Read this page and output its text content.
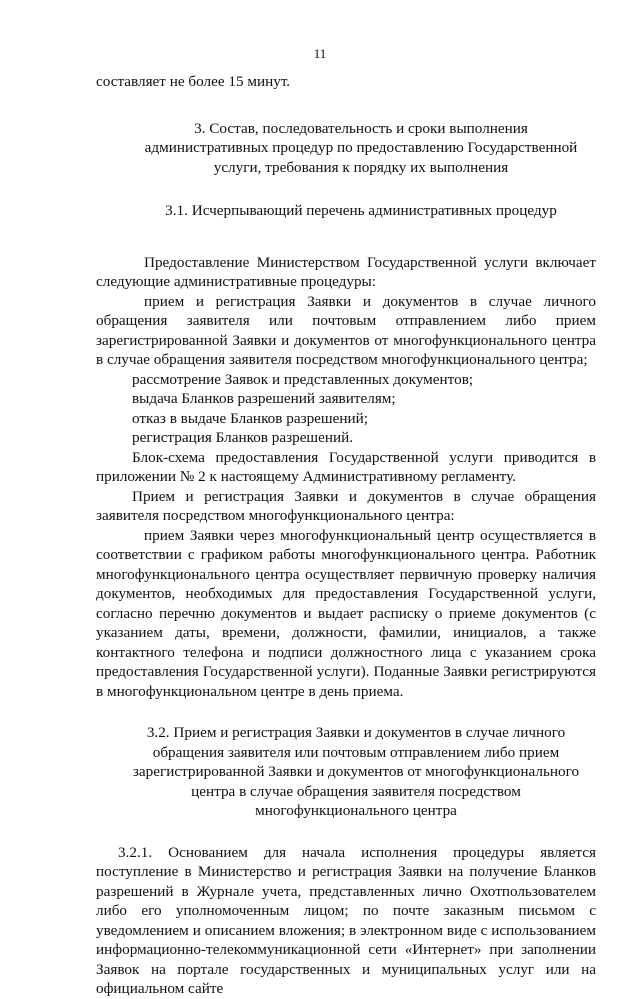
11

составляет не более 15 минут.

3. Состав, последовательность и сроки выполнения административных процедур по предоставлению Государственной услуги, требования к порядку их выполнения

3.1. Исчерпывающий перечень административных процедур

Предоставление Министерством Государственной услуги включает следующие административные процедуры:

прием и регистрация Заявки и документов в случае личного обращения заявителя или почтовым отправлением либо прием зарегистрированной Заявки и документов от многофункционального центра в случае обращения заявителя посредством многофункционального центра;

рассмотрение Заявок и представленных документов;

выдача Бланков разрешений заявителям;

отказ в выдаче Бланков разрешений;

регистрация Бланков разрешений.

Блок-схема предоставления Государственной услуги приводится в приложении № 2 к настоящему Административному регламенту.

Прием и регистрация Заявки и документов в случае обращения заявителя посредством многофункционального центра:

прием Заявки через многофункциональный центр осуществляется в соответствии с графиком работы многофункционального центра. Работник многофункционального центра осуществляет первичную проверку наличия документов, необходимых для предоставления Государственной услуги, согласно перечню документов и выдает расписку о приеме документов (с указанием даты, времени, должности, фамилии, инициалов, а также контактного телефона и подписи должностного лица с указанием срока предоставления Государственной услуги). Поданные Заявки регистрируются в многофункциональном центре в день приема.

3.2. Прием и регистрация Заявки и документов в случае личного обращения заявителя или почтовым отправлением либо прием зарегистрированной Заявки и документов от многофункционального центра в случае обращения заявителя посредством многофункционального центра

3.2.1. Основанием для начала исполнения процедуры является поступление в Министерство и регистрация Заявки на получение Бланков разрешений в Журнале учета, представленных лично Охотпользователем либо его уполномоченным лицом; по почте заказным письмом с уведомлением и описанием вложения; в электронном виде с использованием информационно-телекоммуникационной сети «Интернет» при заполнении Заявок на портале государственных и муниципальных услуг или на официальном сайте
